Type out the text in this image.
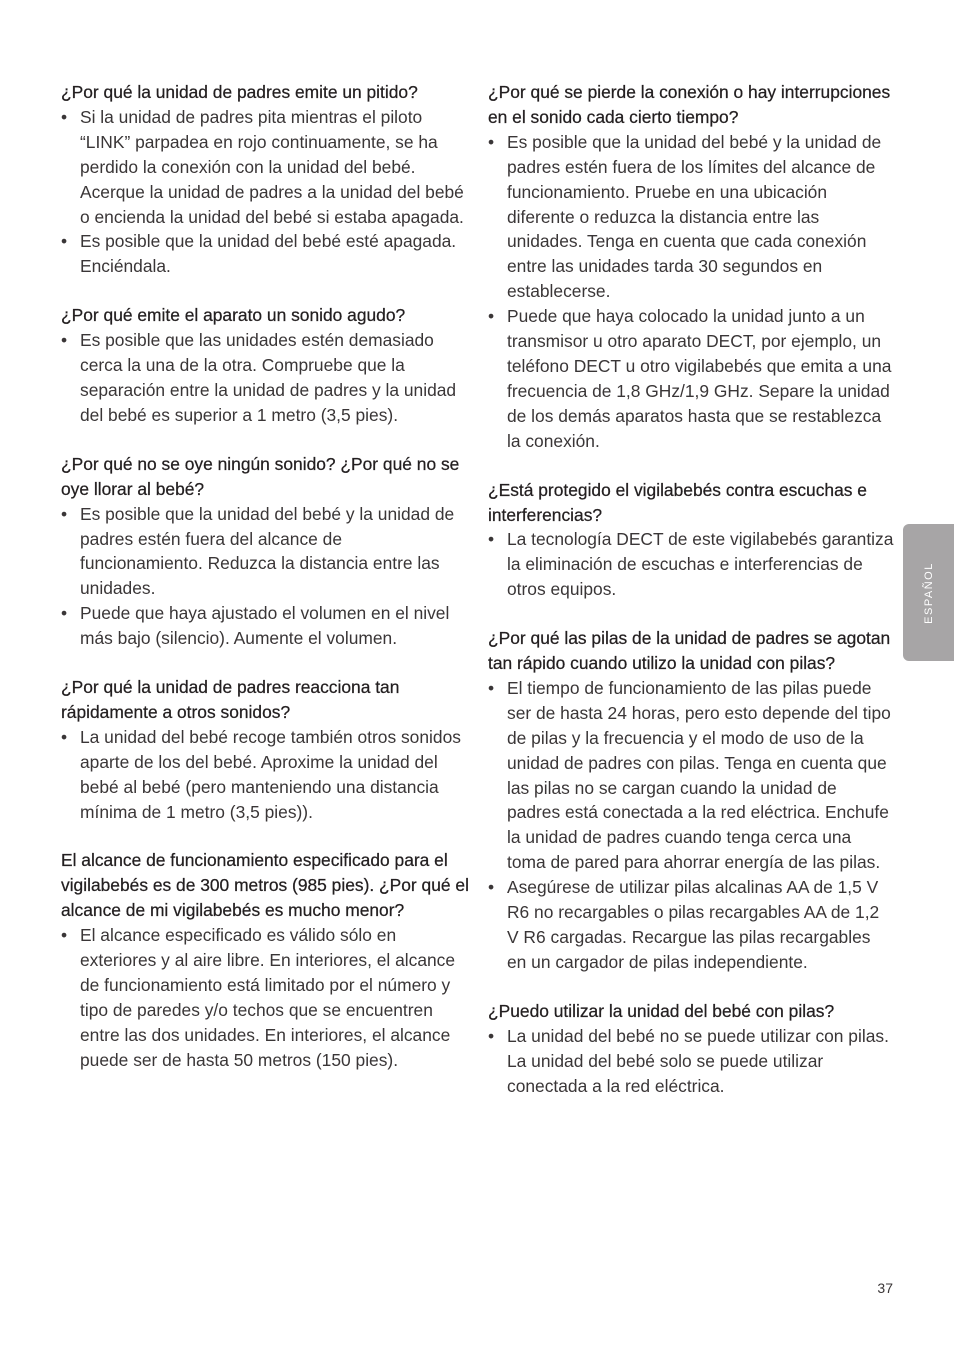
¿Por qué la unidad de padres emite un pitido?

• Si la unidad de padres pita mientras el piloto “LINK” parpadea en rojo continuamente, se ha perdido la conexión con la unidad del bebé. Acerque la unidad de padres a la unidad del bebé o encienda la unidad del bebé si estaba apagada.
• Es posible que la unidad del bebé esté apagada. Enciéndala.

¿Por qué emite el aparato un sonido agudo?

• Es posible que las unidades estén demasiado cerca la una de la otra. Compruebe que la separación entre la unidad de padres y la unidad del bebé es superior a 1 metro (3,5 pies).

¿Por qué no se oye ningún sonido? ¿Por qué no se oye llorar al bebé?

• Es posible que la unidad del bebé y la unidad de padres estén fuera del alcance de funcionamiento. Reduzca la distancia entre las unidades.
• Puede que haya ajustado el volumen en el nivel más bajo (silencio). Aumente el volumen.

¿Por qué la unidad de padres reacciona tan rápidamente a otros sonidos?

• La unidad del bebé recoge también otros sonidos aparte de los del bebé. Aproxime la unidad del bebé al bebé (pero manteniendo una distancia mínima de 1 metro (3,5 pies)).

El alcance de funcionamiento especificado para el vigilabebés es de 300 metros (985 pies). ¿Por qué el alcance de mi vigilabebés es mucho menor?

• El alcance especificado es válido sólo en exteriores y al aire libre. En interiores, el alcance de funcionamiento está limitado por el número y tipo de paredes y/o techos que se encuentren entre las dos unidades. En interiores, el alcance puede ser de hasta 50 metros (150 pies).

¿Por qué se pierde la conexión o hay interrupciones en el sonido cada cierto tiempo?

• Es posible que la unidad del bebé y la unidad de padres estén fuera de los límites del alcance de funcionamiento. Pruebe en una ubicación diferente o reduzca la distancia entre las unidades. Tenga en cuenta que cada conexión entre las unidades tarda 30 segundos en establecerse.
• Puede que haya colocado la unidad junto a un transmisor u otro aparato DECT, por ejemplo, un teléfono DECT u otro vigilabebés que emita a una frecuencia de 1,8 GHz/1,9 GHz. Separe la unidad de los demás aparatos hasta que se restablezca la conexión.

¿Está protegido el vigilabebés contra escuchas e interferencias?

• La tecnología DECT de este vigilabebés garantiza la eliminación de escuchas e interferencias de otros equipos.

¿Por qué las pilas de la unidad de padres se agotan tan rápido cuando utilizo la unidad con pilas?

• El tiempo de funcionamiento de las pilas puede ser de hasta 24 horas, pero esto depende del tipo de pilas y la frecuencia y el modo de uso de la unidad de padres con pilas. Tenga en cuenta que las pilas no se cargan cuando la unidad de padres está conectada a la red eléctrica. Enchufe la unidad de padres cuando tenga cerca una toma de pared para ahorrar energía de las pilas.
• Asegúrese de utilizar pilas alcalinas AA de 1,5 V R6 no recargables o pilas recargables AA de 1,2 V R6 cargadas. Recargue las pilas recargables en un cargador de pilas independiente.

¿Puedo utilizar la unidad del bebé con pilas?

• La unidad del bebé no se puede utilizar con pilas. La unidad del bebé solo se puede utilizar conectada a la red eléctrica.
ESPAÑOL
37
